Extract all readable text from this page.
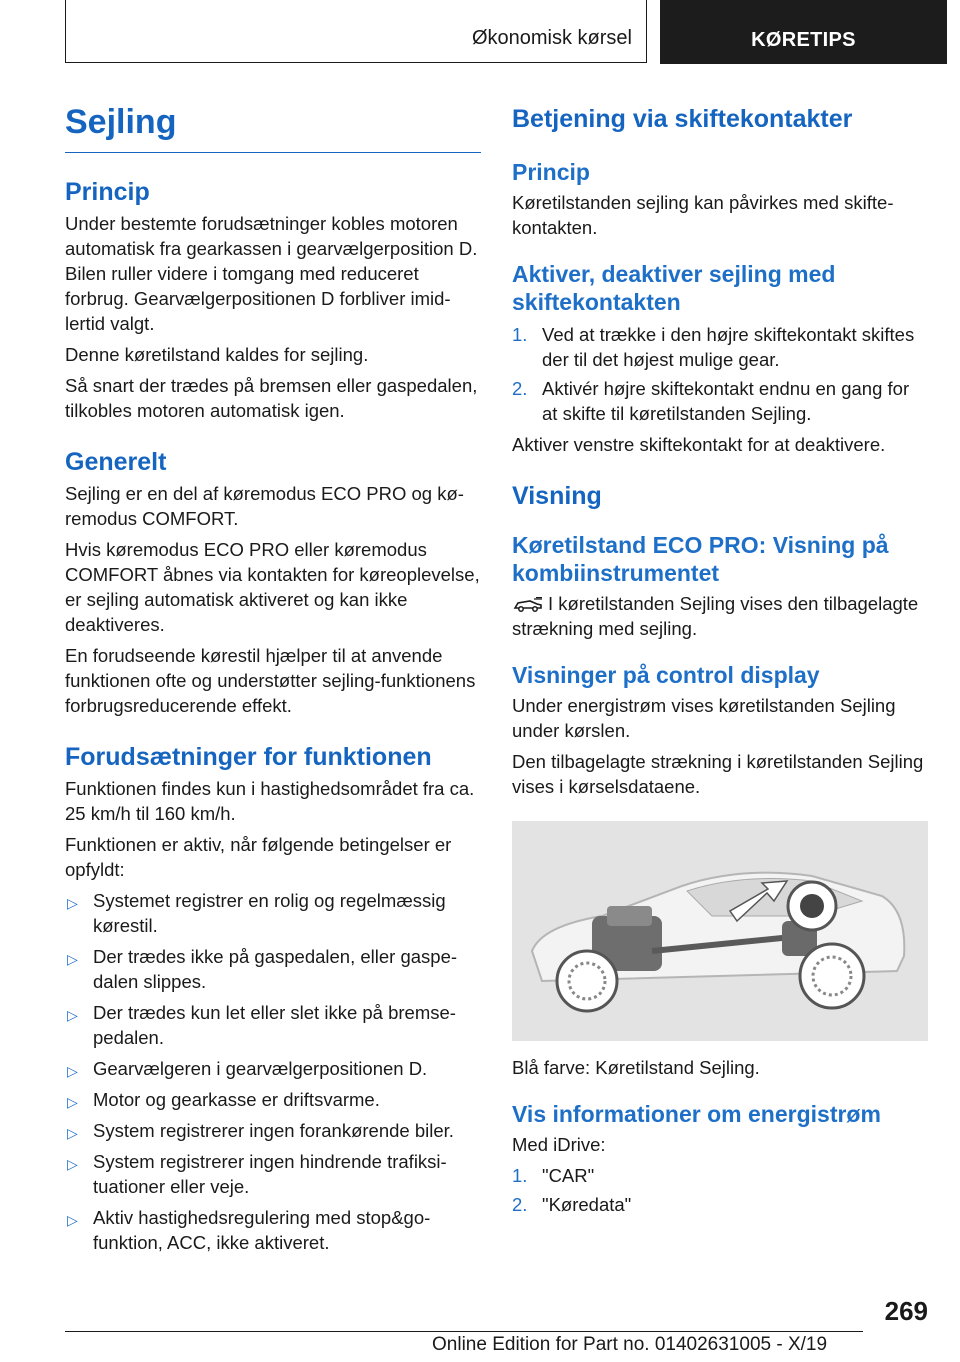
Økonomisk kørsel	KØRETIPS
Sejling
Princip

Under bestemte forudsætninger kobles motoren automatisk fra gearkassen i gearvælgerposition D. Bilen ruller videre i tomgang med reduceret forbrug. Gearvælgerpositionen D forbliver imidlertid valgt.

Denne køretilstand kaldes for sejling.

Så snart der trædes på bremsen eller gaspedalen, tilkobles motoren automatisk igen.

Generelt

Sejling er en del af køremodus ECO PRO og køremodus COMFORT.

Hvis køremodus ECO PRO eller køremodus COMFORT åbnes via kontakten for køreoplevelse, er sejling automatisk aktiveret og kan ikke deaktiveres.

En forudseende kørestil hjælper til at anvende funktionen ofte og understøtter sejling-funktionens forbrugsreducerende effekt.

Forudsætninger for funktionen

Funktionen findes kun i hastighedsområdet fra ca. 25 km/h til 160 km/h.

Funktionen er aktiv, når følgende betingelser er opfyldt:

▷ Systemet registrer en rolig og regelmæssig kørestil.
▷ Der trædes ikke på gaspedalen, eller gaspedalen slippes.
▷ Der trædes kun let eller slet ikke på bremsepedalen.
▷ Gearvælgeren i gearvælgerpositionen D.
▷ Motor og gearkasse er driftsvarme.
▷ System registrerer ingen forankørende biler.
▷ System registrerer ingen hindrende trafiksituationer eller veje.
▷ Aktiv hastighedsregulering med stop&go-funktion, ACC, ikke aktiveret.
Betjening via skiftekontakter
Princip

Køretilstanden sejling kan påvirkes med skiftekontakten.

Aktiver, deaktiver sejling med skiftekontakten
1. Ved at trække i den højre skiftekontakt skiftes der til det højest mulige gear.
2. Aktivér højre skiftekontakt endnu en gang for at skifte til køretilstanden Sejling.

Aktiver venstre skiftekontakt for at deaktivere.

Visning
Køretilstand ECO PRO: Visning på kombiinstrumentet

I køretilstanden Sejling vises den tilbagelagte strækning med sejling.

Visninger på control display

Under energistrøm vises køretilstanden Sejling under kørslen.

Den tilbagelagte strækning i køretilstanden Sejling vises i kørselsdataene.

Blå farve: Køretilstand Sejling.

Vis informationer om energistrøm

Med iDrive:

1. "CAR"
2. "Køredata"
269
Online Edition for Part no. 01402631005 - X/19
